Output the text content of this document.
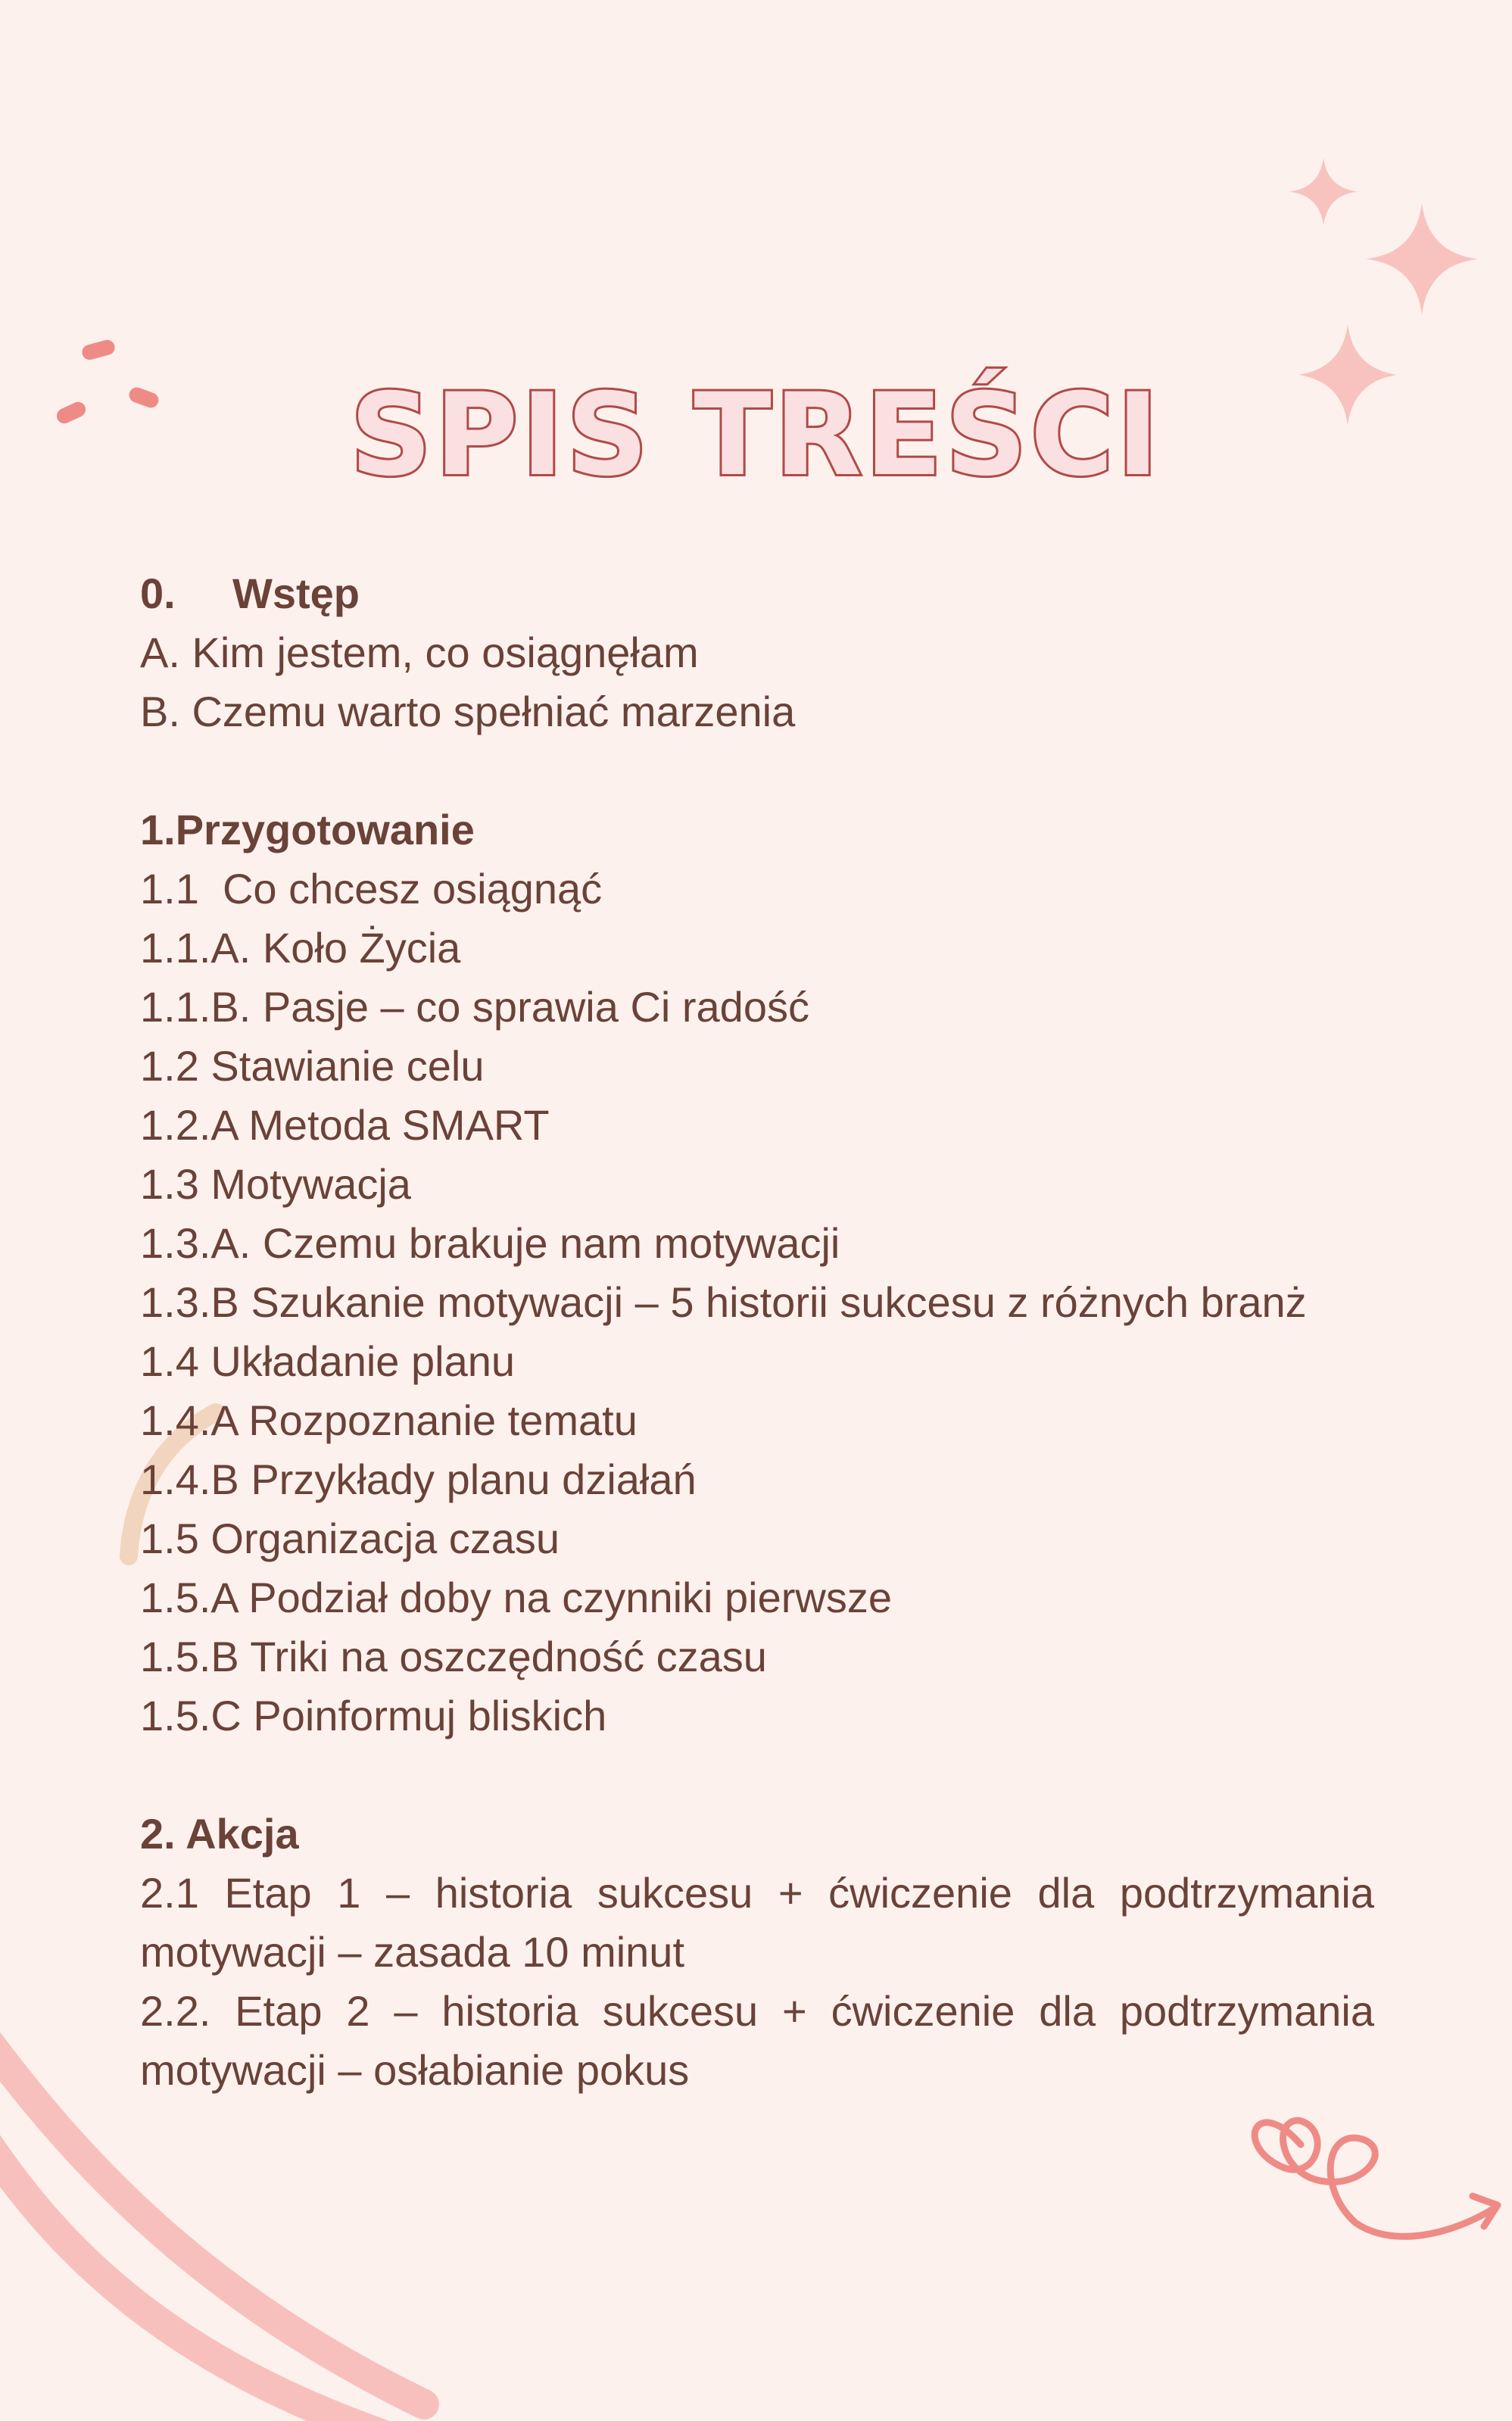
SPIS TREŚCI
0. Wstęp
A. Kim jestem, co osiągnęłam
B. Czemu warto spełniać marzenia
1.Przygotowanie
1.1  Co chcesz osiągnąć
1.1.A. Koło Życia
1.1.B. Pasje – co sprawia Ci radość
1.2 Stawianie celu
1.2.A Metoda SMART
1.3 Motywacja
1.3.A. Czemu brakuje nam motywacji
1.3.B Szukanie motywacji – 5 historii sukcesu z różnych branż
1.4 Układanie planu
1.4.A Rozpoznanie tematu
1.4.B Przykłady planu działań
1.5 Organizacja czasu
1.5.A Podział doby na czynniki pierwsze
1.5.B Triki na oszczędność czasu
1.5.C Poinformuj bliskich
2. Akcja
2.1 Etap 1 – historia sukcesu + ćwiczenie dla podtrzymania motywacji – zasada 10 minut
2.2. Etap 2 – historia sukcesu + ćwiczenie dla podtrzymania motywacji – osłabianie pokus
